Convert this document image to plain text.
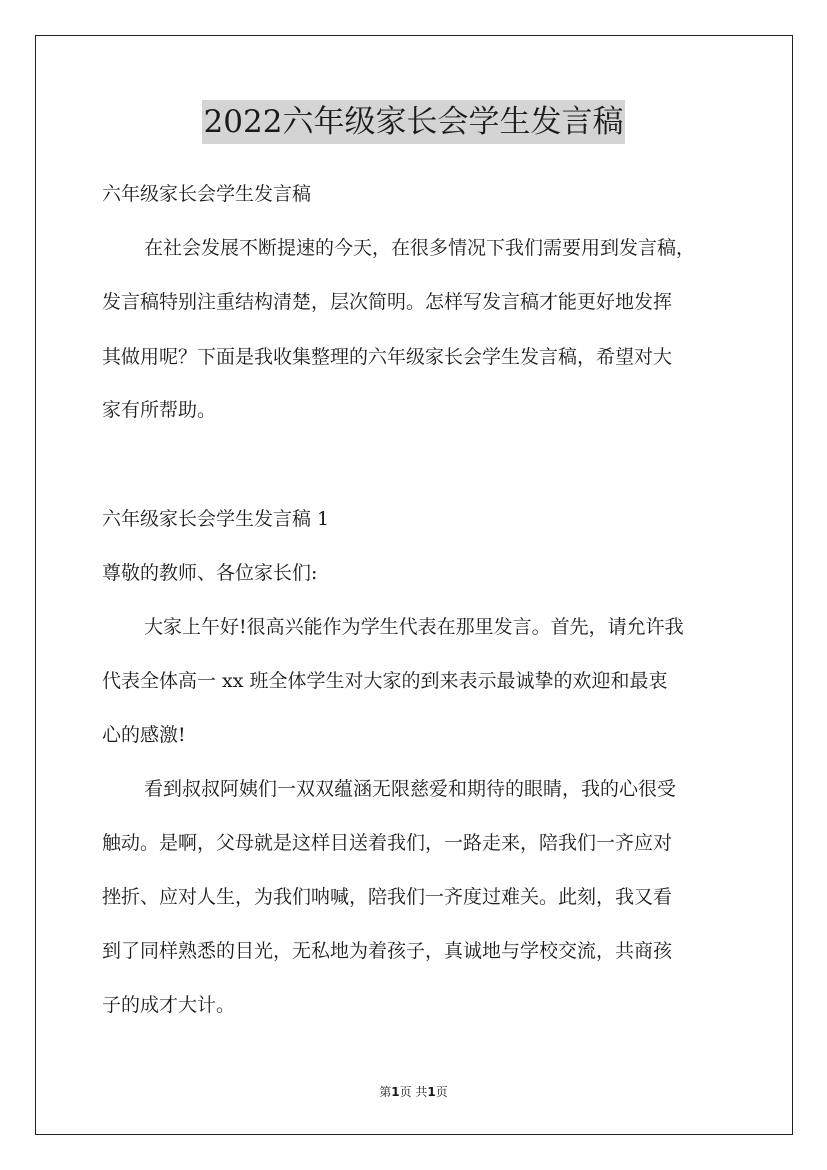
2022六年级家长会学生发言稿
六年级家长会学生发言稿
在社会发展不断提速的今天，在很多情况下我们需要用到发言稿，
发言稿特别注重结构清楚，层次简明。怎样写发言稿才能更好地发挥
其做用呢？下面是我收集整理的六年级家长会学生发言稿，希望对大
家有所帮助。
六年级家长会学生发言稿 1
尊敬的教师、各位家长们:
大家上午好!很高兴能作为学生代表在那里发言。首先，请允许我
代表全体高一 xx 班全体学生对大家的到来表示最诚挚的欢迎和最衷
心的感激!
看到叔叔阿姨们一双双蕴涵无限慈爱和期待的眼睛，我的心很受
触动。是啊，父母就是这样目送着我们，一路走来，陪我们一齐应对
挫折、应对人生，为我们呐喊，陪我们一齐度过难关。此刻，我又看
到了同样熟悉的目光，无私地为着孩子，真诚地与学校交流，共商孩
子的成才大计。
第1页 共1页
